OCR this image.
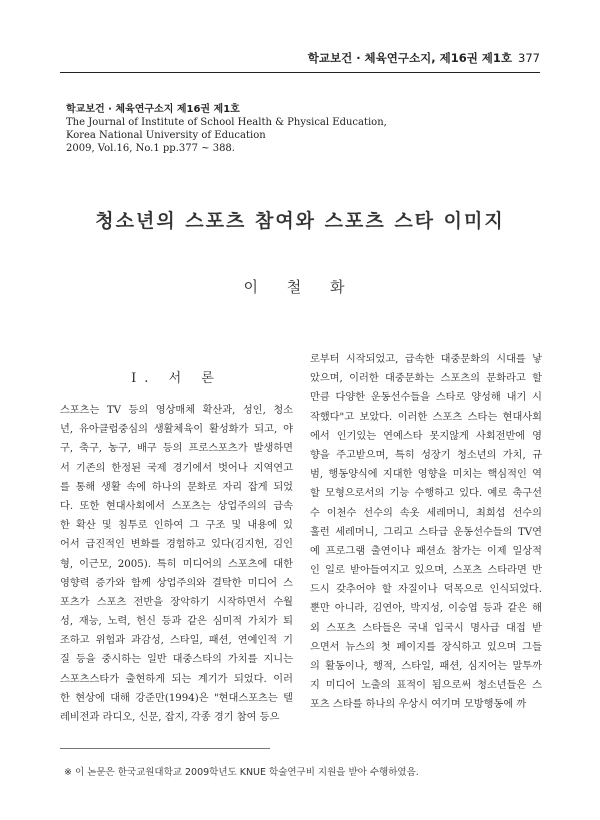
학교보건 · 체육연구소지, 제16권 제1호 377
학교보건 · 체육연구소지 제16권 제1호
The Journal of Institute of School Health & Physical Education,
Korea National University of Education
2009, Vol.16, No.1 pp.377 ~ 388.
청소년의 스포츠 참여와 스포츠 스타 이미지
이 철 화
Ⅰ. 서 론
스포츠는 TV 등의 영상매체 확산과, 성인, 청소
년, 유아클럽중심의 생활체육이 활성화가 되고, 야
구, 축구, 농구, 배구 등의 프로스포츠가 발생하면
서 기존의 한정된 국제 경기에서 벗어나 지역연고
를 통해 생활 속에 하나의 문화로 자리 잡게 되었
다. 또한 현대사회에서 스포츠는 상업주의의 급속
한 확산 및 침투로 인하여 그 구조 및 내용에 있
어서 급진적인 변화를 경험하고 있다(김지헌, 김인
형, 이근모, 2005). 특히 미디어의 스포츠에 대한
영향력 증가와 함께 상업주의와 결탁한 미디어 스
포츠가 스포츠 전반을 장악하기 시작하면서 수월
성, 재능, 노력, 헌신 등과 같은 심미적 가치가 퇴
조하고 위험과 과감성, 스타일, 패션, 연예인적 기
질 등을 중시하는 일반 대중스타의 가치를 지니는
스포츠스타가 출현하게 되는 계기가 되었다. 이러
한 현상에 대해 강준만(1994)은 "현대스포츠는 텔
레비전과 라디오, 신문, 잡지, 각종 경기 참여 등으
로부터 시작되었고, 급속한 대중문화의 시대를 낳
았으며, 이러한 대중문화는 스포츠의 문화라고 할
만큼 다양한 운동선수들을 스타로 양성해 내기 시
작했다"고 보았다. 이러한 스포츠 스타는 현대사회
에서 인기있는 연예스타 못지않게 사회전반에 영
향을 주고받으며, 특히 성장기 청소년의 가치, 규
범, 행동양식에 지대한 영향을 미치는 핵심적인 역
할 모형으로서의 기능 수행하고 있다. 예로 축구선
수 이천수 선수의 속옷 세레머니, 최희섭 선수의
훌런 세레머니, 그리고 스타급 운동선수들의 TV연
예 프로그램 출연이나 패션쇼 참가는 이제 일상적
인 일로 받아들여지고 있으며, 스포츠 스타라면 반
드시 갖추어야 할 자질이나 덕목으로 인식되었다.
뿐만 아니라, 김연아, 박지성, 이승엽 등과 같은 해
외 스포츠 스타들은 국내 입국시 명사급 대접 받
으면서 뉴스의 첫 페이지를 장식하고 있으며 그들
의 활동이나, 행적, 스타일, 패션, 심지어는 말투까
지 미디어 노출의 표적이 됨으로써 청소년들은 스
포츠 스타를 하나의 우상시 여기며 모방행동에 까
※ 이 논문은 한국교원대학교 2009학년도 KNUE 학술연구비 지원을 받아 수행하였음.
